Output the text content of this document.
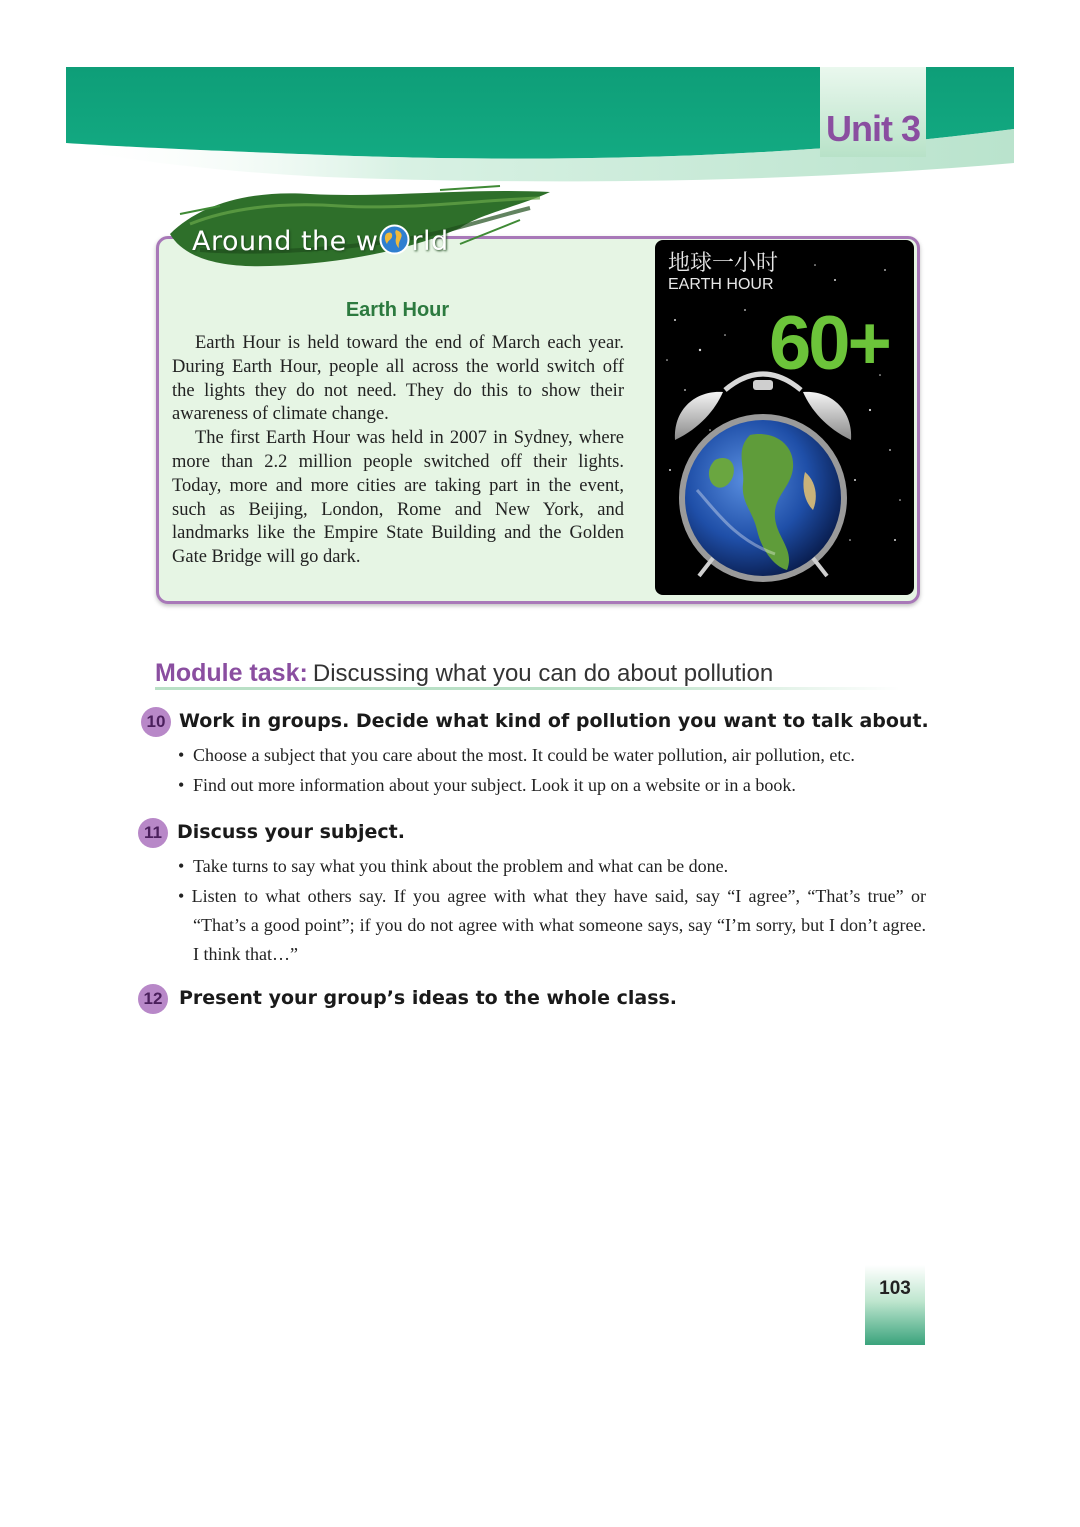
Unit 3
Around the w rld
Earth Hour

Earth Hour is held toward the end of March each year. During Earth Hour, people all across the world switch off the lights they do not need. They do this to show their awareness of climate change.

The first Earth Hour was held in 2007 in Sydney, where more than 2.2 million people switched off their lights. Today, more and more cities are taking part in the event, such as Beijing, London, Rome and New York, and landmarks like the Empire State Building and the Golden Gate Bridge will go dark.

地球一小时
EARTH HOUR
60+
Module task: Discussing what you can do about pollution
10 Work in groups. Decide what kind of pollution you want to talk about.
• Choose a subject that you care about the most. It could be water pollution, air pollution, etc.
• Find out more information about your subject. Look it up on a website or in a book.
11 Discuss your subject.
• Take turns to say what you think about the problem and what can be done.
• Listen to what others say. If you agree with what they have said, say “I agree”, “That’s true” or “That’s a good point”; if you do not agree with what someone says, say “I’m sorry, but I don’t agree. I think that…”
12 Present your group’s ideas to the whole class.
103
